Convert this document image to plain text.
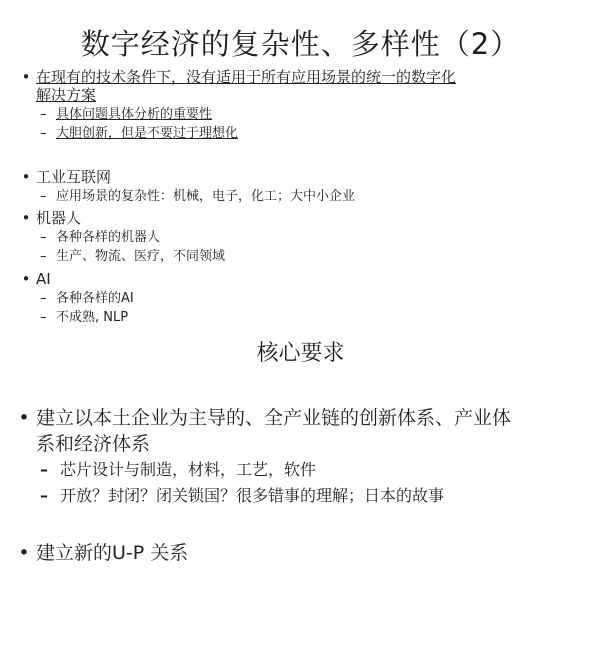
数字经济的复杂性、多样性（2）
• 在现有的技术条件下，没有适用于所有应用场景的统一的数字化
解决方案
– 具体问题具体分析的重要性
– 大胆创新，但是不要过于理想化
• 工业互联网
– 应用场景的复杂性：机械，电子，化工；大中小企业
• 机器人
– 各种各样的机器人
– 生产、物流、医疗，不同领域
• AI
– 各种各样的AI
– 不成熟, NLP
核心要求
• 建立以本土企业为主导的、全产业链的创新体系、产业体
系和经济体系
– 芯片设计与制造，材料，工艺，软件
– 开放？封闭？闭关锁国？很多错事的理解；日本的故事
• 建立新的U-P 关系
